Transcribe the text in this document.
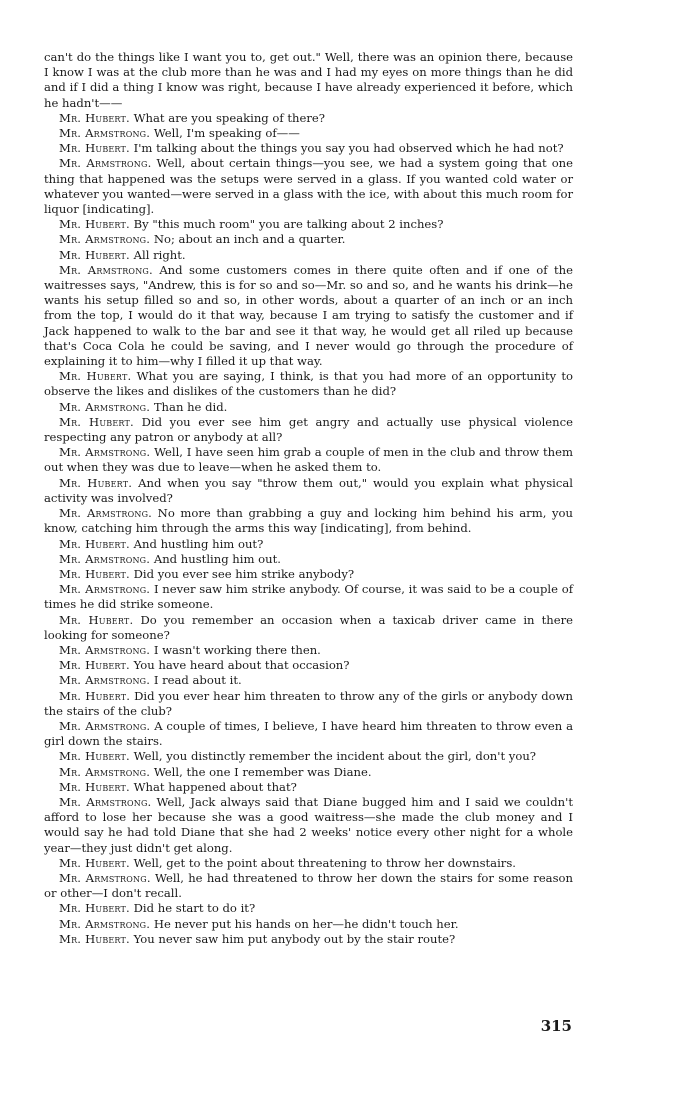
can't do the things like I want you to, get out." Well, there was an opinion there, because I know I was at the club more than he was and I had my eyes on more things than he did and if I did a thing I know was right, because I have already experienced it before, which he hadn't——

Mr. Hubert. What are you speaking of there?

Mr. Armstrong. Well, I'm speaking of——

Mr. Hubert. I'm talking about the things you say you had observed which he had not?

Mr. Armstrong. Well, about certain things—you see, we had a system going that one thing that happened was the setups were served in a glass. If you wanted cold water or whatever you wanted—were served in a glass with the ice, with about this much room for liquor [indicating].

Mr. Hubert. By "this much room" you are talking about 2 inches?

Mr. Armstrong. No; about an inch and a quarter.

Mr. Hubert. All right.

Mr. Armstrong. And some customers comes in there quite often and if one of the waitresses says, "Andrew, this is for so and so—Mr. so and so, and he wants his drink—he wants his setup filled so and so, in other words, about a quarter of an inch or an inch from the top, I would do it that way, because I am trying to satisfy the customer and if Jack happened to walk to the bar and see it that way, he would get all riled up because that's Coca Cola he could be saving, and I never would go through the procedure of explaining it to him—why I filled it up that way.

Mr. Hubert. What you are saying, I think, is that you had more of an opportunity to observe the likes and dislikes of the customers than he did?

Mr. Armstrong. Than he did.

Mr. Hubert. Did you ever see him get angry and actually use physical violence respecting any patron or anybody at all?

Mr. Armstrong. Well, I have seen him grab a couple of men in the club and throw them out when they was due to leave—when he asked them to.

Mr. Hubert. And when you say "throw them out," would you explain what physical activity was involved?

Mr. Armstrong. No more than grabbing a guy and locking him behind his arm, you know, catching him through the arms this way [indicating], from behind.

Mr. Hubert. And hustling him out?

Mr. Armstrong. And hustling him out.

Mr. Hubert. Did you ever see him strike anybody?

Mr. Armstrong. I never saw him strike anybody. Of course, it was said to be a couple of times he did strike someone.

Mr. Hubert. Do you remember an occasion when a taxicab driver came in there looking for someone?

Mr. Armstrong. I wasn't working there then.

Mr. Hubert. You have heard about that occasion?

Mr. Armstrong. I read about it.

Mr. Hubert. Did you ever hear him threaten to throw any of the girls or anybody down the stairs of the club?

Mr. Armstrong. A couple of times, I believe, I have heard him threaten to throw even a girl down the stairs.

Mr. Hubert. Well, you distinctly remember the incident about the girl, don't you?

Mr. Armstrong. Well, the one I remember was Diane.

Mr. Hubert. What happened about that?

Mr. Armstrong. Well, Jack always said that Diane bugged him and I said we couldn't afford to lose her because she was a good waitress—she made the club money and I would say he had told Diane that she had 2 weeks' notice every other night for a whole year—they just didn't get along.

Mr. Hubert. Well, get to the point about threatening to throw her downstairs.

Mr. Armstrong. Well, he had threatened to throw her down the stairs for some reason or other—I don't recall.

Mr. Hubert. Did he start to do it?

Mr. Armstrong. He never put his hands on her—he didn't touch her.

Mr. Hubert. You never saw him put anybody out by the stair route?

315
